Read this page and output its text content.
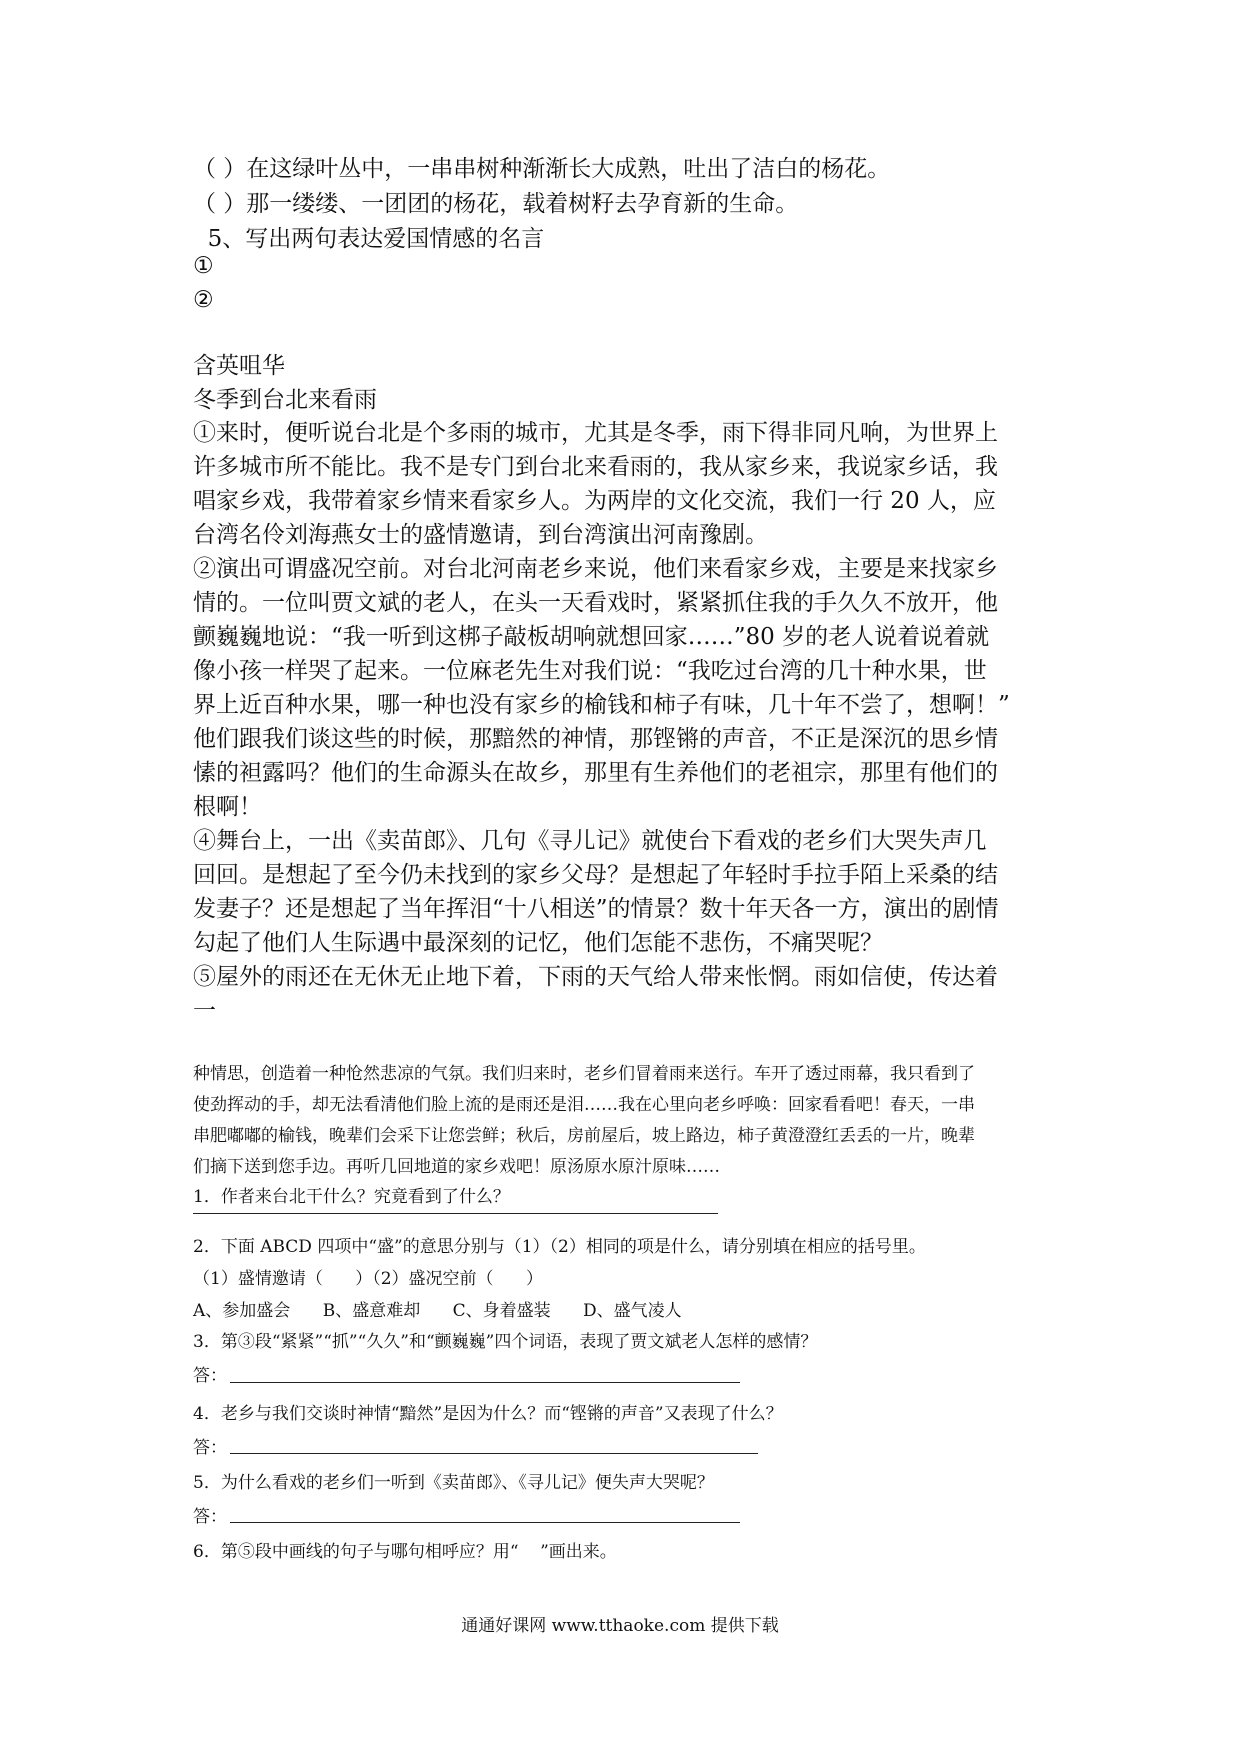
（ ）在这绿叶丛中，一串串树种渐渐长大成熟，吐出了洁白的杨花。
（ ）那一缕缕、一团团的杨花，载着树籽去孕育新的生命。
5、写出两句表达爱国情感的名言
①
②
含英咀华
冬季到台北来看雨
①来时，便听说台北是个多雨的城市，尤其是冬季，雨下得非同凡响，为世界上
许多城市所不能比。我不是专门到台北来看雨的，我从家乡来，我说家乡话，我
唱家乡戏，我带着家乡情来看家乡人。为两岸的文化交流，我们一行 20 人，应
台湾名伶刘海燕女士的盛情邀请，到台湾演出河南豫剧。
②演出可谓盛况空前。对台北河南老乡来说，他们来看家乡戏，主要是来找家乡
情的。一位叫贾文斌的老人，在头一天看戏时，紧紧抓住我的手久久不放开，他
颤巍巍地说：“我一听到这梆子敲板胡响就想回家……”80 岁的老人说着说着就
像小孩一样哭了起来。一位麻老先生对我们说：“我吃过台湾的几十种水果，世
界上近百种水果，哪一种也没有家乡的榆钱和柿子有味，几十年不尝了，想啊！”
他们跟我们谈这些的时候，那黯然的神情，那铿锵的声音，不正是深沉的思乡情
愫的袒露吗？他们的生命源头在故乡，那里有生养他们的老祖宗，那里有他们的
根啊！
④舞台上，一出《卖苗郎》、几句《寻儿记》就使台下看戏的老乡们大哭失声几
回回。是想起了至今仍未找到的家乡父母？是想起了年轻时手拉手陌上采桑的结
发妻子？还是想起了当年挥泪“十八相送”的情景？数十年天各一方，演出的剧情
勾起了他们人生际遇中最深刻的记忆，他们怎能不悲伤，不痛哭呢？
⑤屋外的雨还在无休无止地下着，下雨的天气给人带来怅惘。雨如信使，传达着
一
种情思，创造着一种怆然悲凉的气氛。我们归来时，老乡们冒着雨来送行。车开了透过雨幕，我只看到了
使劲挥动的手，却无法看清他们脸上流的是雨还是泪……我在心里向老乡呼唤：回家看看吧！春天，一串
串肥嘟嘟的榆钱，晚辈们会采下让您尝鲜；秋后，房前屋后，坡上路边，柿子黄澄澄红丢丢的一片，晚辈
们摘下送到您手边。再听几回地道的家乡戏吧！原汤原水原汁原味……
1．作者来台北干什么？究竟看到了什么？
2．下面 ABCD 四项中“盛”的意思分别与（1）（2）相同的项是什么，请分别填在相应的括号里。
（1）盛情邀请（      ）（2）盛况空前（      ）
A、参加盛会      B、盛意难却      C、身着盛装      D、盛气凌人
3．第③段“紧紧”“抓”“久久”和“颤巍巍”四个词语，表现了贾文斌老人怎样的感情？
答：
4．老乡与我们交谈时神情“黯然”是因为什么？而“铿锵的声音”又表现了什么？
答：
5．为什么看戏的老乡们一听到《卖苗郎》、《寻儿记》便失声大哭呢？
答：
6．第⑤段中画线的句子与哪句相呼应？用“    ”画出来。
通通好课网 www.tthaoke.com 提供下载
